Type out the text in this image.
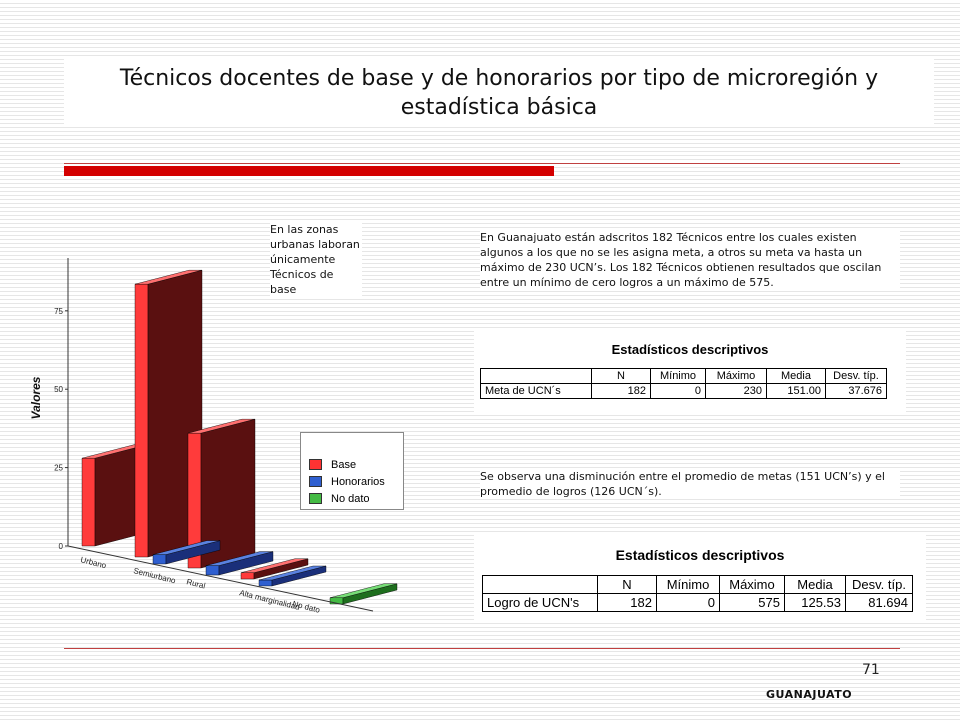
Técnicos docentes de base y de honorarios por tipo de microregión y estadística básica
0
25
50
75
Valores
Urbano
Semiurbano Rural
Alta marginalidad
No dato
En las zonas urbanas laboran únicamente Técnicos de base
Base
Honorarios
No dato
En Guanajuato están adscritos 182 Técnicos entre los cuales existen algunos a los que no se les asigna meta, a otros su meta va hasta un máximo de 230 UCN’s. Los 182 Técnicos obtienen resultados que oscilan entre un mínimo de cero logros a un máximo de 575.
Estadísticos descriptivos
	N	Mínimo	Máximo	Media	Desv. típ.
Meta de UCN´s	182	0	230	151.00	37.676
Se observa una disminución entre el promedio de metas (151 UCN’s) y el promedio de logros (126 UCN´s).
Estadísticos descriptivos
	N	Mínimo	Máximo	Media	Desv. típ.
Logro de UCN's	182	0	575	125.53	81.694
71
GUANAJUATO
